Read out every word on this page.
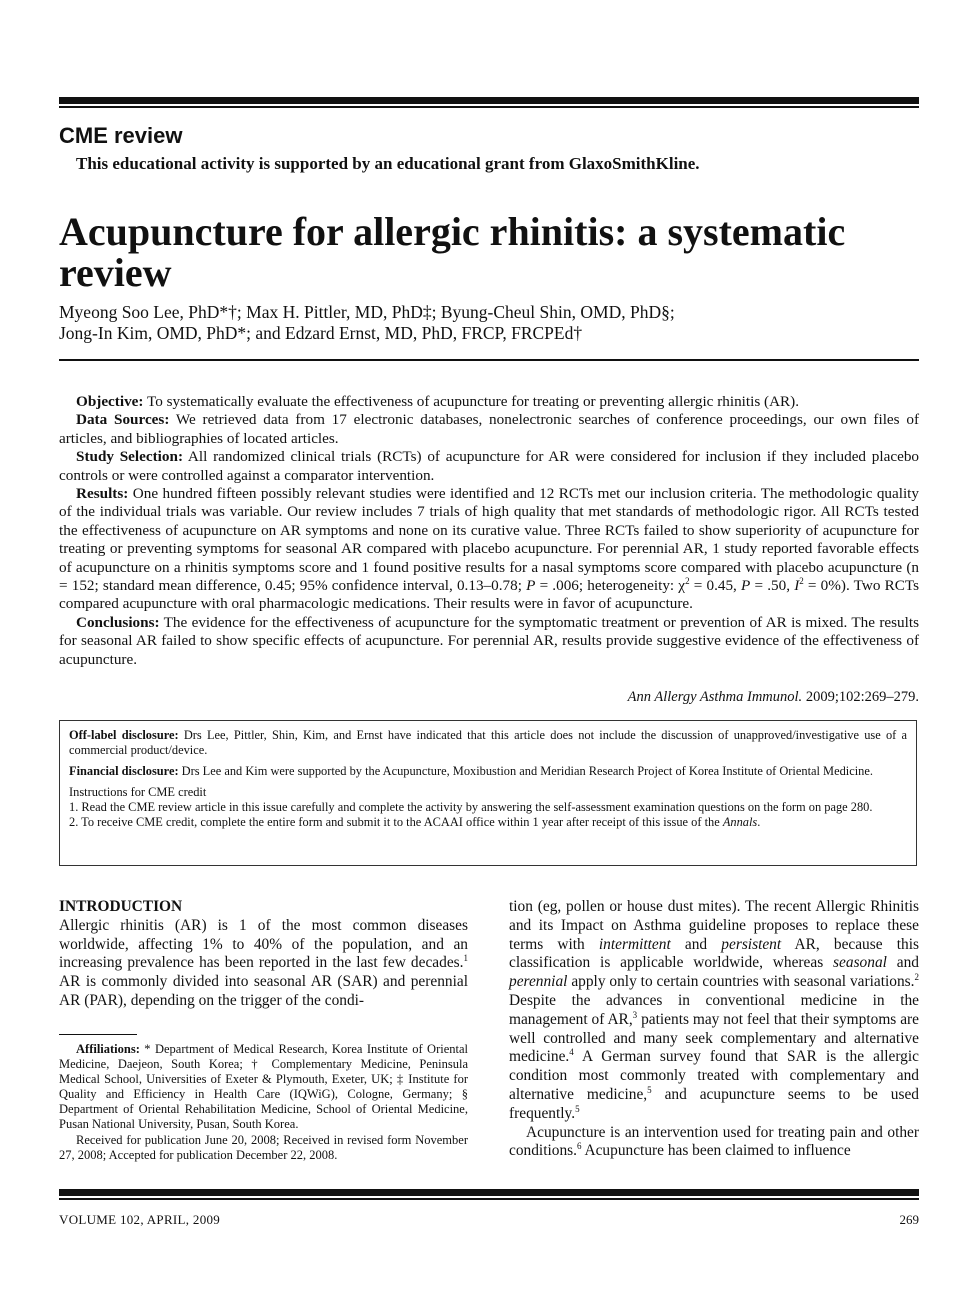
CME review
This educational activity is supported by an educational grant from GlaxoSmithKline.
Acupuncture for allergic rhinitis: a systematic review
Myeong Soo Lee, PhD*†; Max H. Pittler, MD, PhD‡; Byung-Cheul Shin, OMD, PhD§;
Jong-In Kim, OMD, PhD*; and Edzard Ernst, MD, PhD, FRCP, FRCPEd†

Objective: To systematically evaluate the effectiveness of acupuncture for treating or preventing allergic rhinitis (AR).

Data Sources: We retrieved data from 17 electronic databases, nonelectronic searches of conference proceedings, our own files of articles, and bibliographies of located articles.

Study Selection: All randomized clinical trials (RCTs) of acupuncture for AR were considered for inclusion if they included placebo controls or were controlled against a comparator intervention.

Results: One hundred fifteen possibly relevant studies were identified and 12 RCTs met our inclusion criteria. The methodologic quality of the individual trials was variable. Our review includes 7 trials of high quality that met standards of methodologic rigor. All RCTs tested the effectiveness of acupuncture on AR symptoms and none on its curative value. Three RCTs failed to show superiority of acupuncture for treating or preventing symptoms for seasonal AR compared with placebo acupuncture. For perennial AR, 1 study reported favorable effects of acupuncture on a rhinitis symptoms score and 1 found positive results for a nasal symptoms score compared with placebo acupuncture (n = 152; standard mean difference, 0.45; 95% confidence interval, 0.13–0.78; P = .006; heterogeneity: $\chi^2 = 0.45$, P = .50, $I^2 = 0\%$). Two RCTs compared acupuncture with oral pharmacologic medications. Their results were in favor of acupuncture.

Conclusions: The evidence for the effectiveness of acupuncture for the symptomatic treatment or prevention of AR is mixed. The results for seasonal AR failed to show specific effects of acupuncture. For perennial AR, results provide suggestive evidence of the effectiveness of acupuncture.

Ann Allergy Asthma Immunol. 2009;102:269–279.

Off-label disclosure: Drs Lee, Pittler, Shin, Kim, and Ernst have indicated that this article does not include the discussion of unapproved/investigative use of a commercial product/device.

Financial disclosure: Drs Lee and Kim were supported by the Acupuncture, Moxibustion and Meridian Research Project of Korea Institute of Oriental Medicine.

Instructions for CME credit
1. Read the CME review article in this issue carefully and complete the activity by answering the self-assessment examination questions on the form on page 280.
2. To receive CME credit, complete the entire form and submit it to the ACAAI office within 1 year after receipt of this issue of the Annals.
INTRODUCTION

Allergic rhinitis (AR) is 1 of the most common diseases worldwide, affecting 1% to 40% of the population, and an increasing prevalence has been reported in the last few decades.$^1$ AR is commonly divided into seasonal AR (SAR) and perennial AR (PAR), depending on the trigger of the condi-

Affiliations: * Department of Medical Research, Korea Institute of Oriental Medicine, Daejeon, South Korea; † Complementary Medicine, Peninsula Medical School, Universities of Exeter & Plymouth, Exeter, UK; ‡ Institute for Quality and Efficiency in Health Care (IQWiG), Cologne, Germany; § Department of Oriental Rehabilitation Medicine, School of Oriental Medicine, Pusan National University, Pusan, South Korea.

Received for publication June 20, 2008; Received in revised form November 27, 2008; Accepted for publication December 22, 2008.

tion (eg, pollen or house dust mites). The recent Allergic Rhinitis and its Impact on Asthma guideline proposes to replace these terms with intermittent and persistent AR, because this classification is applicable worldwide, whereas seasonal and perennial apply only to certain countries with seasonal variations.$^2$ Despite the advances in conventional medicine in the management of AR,$^3$ patients may not feel that their symptoms are well controlled and many seek complementary and alternative medicine.$^4$ A German survey found that SAR is the allergic condition most commonly treated with complementary and alternative medicine,$^5$ and acupuncture seems to be used frequently.$^5$

Acupuncture is an intervention used for treating pain and other conditions.$^6$ Acupuncture has been claimed to influence

VOLUME 102, APRIL, 2009	269
